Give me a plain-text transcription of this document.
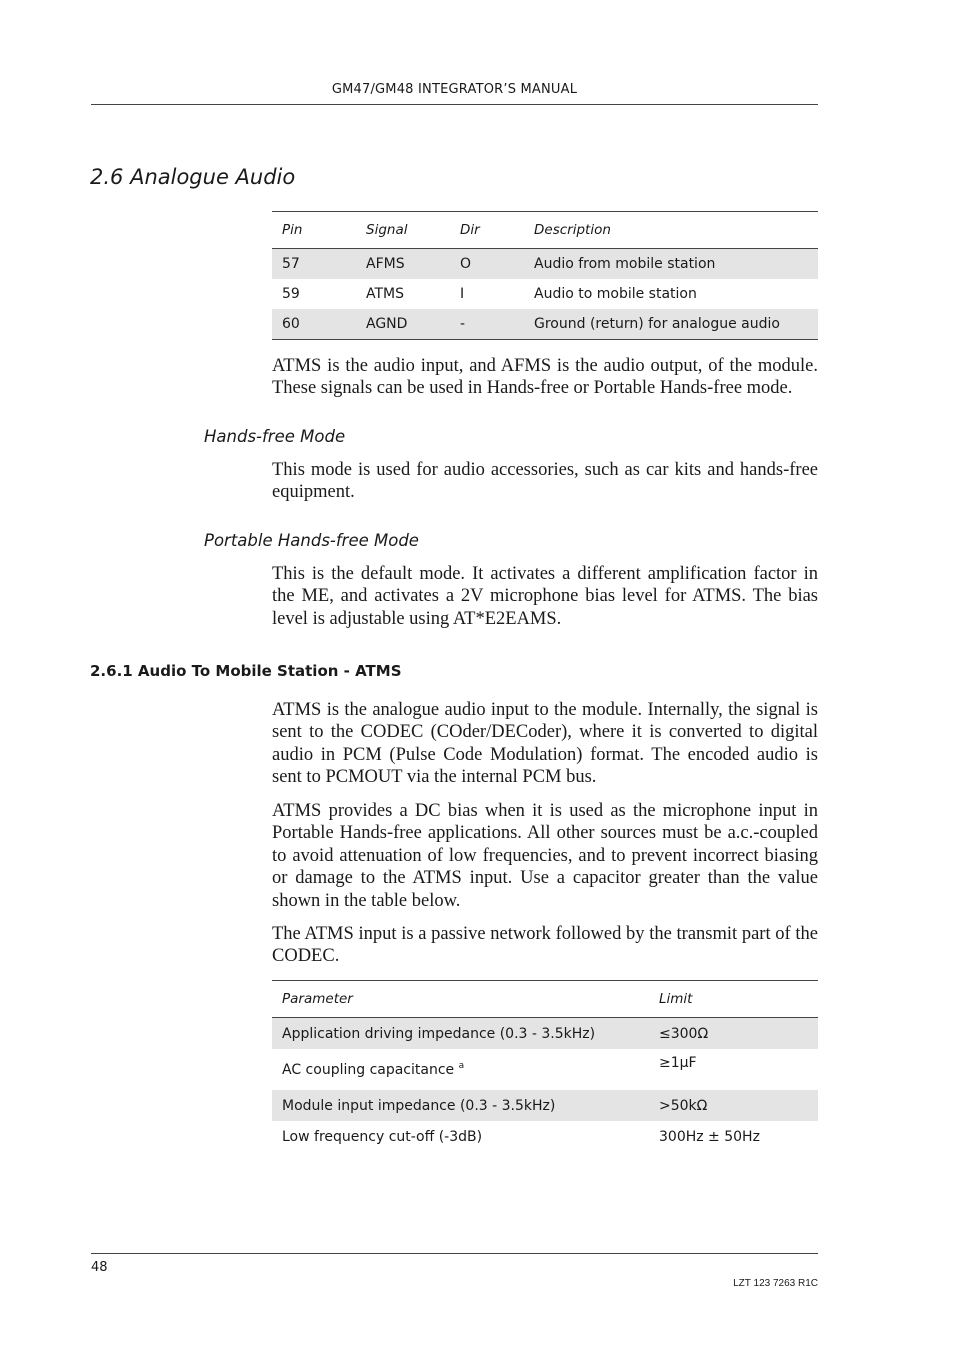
GM47/GM48 INTEGRATOR’S MANUAL
2.6 Analogue Audio
Pin	Signal	Dir	Description
57	AFMS	O	Audio from mobile station
59	ATMS	I	Audio to mobile station
60	AGND	-	Ground (return) for analogue audio

ATMS is the audio input, and AFMS is the audio output, of the module. These signals can be used in Hands-free or Portable Hands-free mode.

Hands-free Mode

This mode is used for audio accessories, such as car kits and hands-free equipment.

Portable Hands-free Mode

This is the default mode. It activates a different amplification factor in the ME, and activates a 2V microphone bias level for ATMS. The bias level is adjustable using AT*E2EAMS.

2.6.1 Audio To Mobile Station - ATMS

ATMS is the analogue audio input to the module. Internally, the signal is sent to the CODEC (COder/DECoder), where it is converted to digital audio in PCM (Pulse Code Modulation) format. The encoded audio is sent to PCMOUT via the internal PCM bus.

ATMS provides a DC bias when it is used as the microphone input in Portable Hands-free applications. All other sources must be a.c.-coupled to avoid attenuation of low frequencies, and to prevent incorrect biasing or damage to the ATMS input. Use a capacitor greater than the value shown in the table below.

The ATMS input is a passive network followed by the transmit part of the CODEC.

Parameter	Limit
Application driving impedance (0.3 - 3.5kHz)	≤300Ω
AC coupling capacitance $^a$	≥1µF
Module input impedance (0.3 - 3.5kHz)	>50kΩ
Low frequency cut-off (-3dB)	300Hz ± 50Hz
48
LZT 123 7263 R1C
